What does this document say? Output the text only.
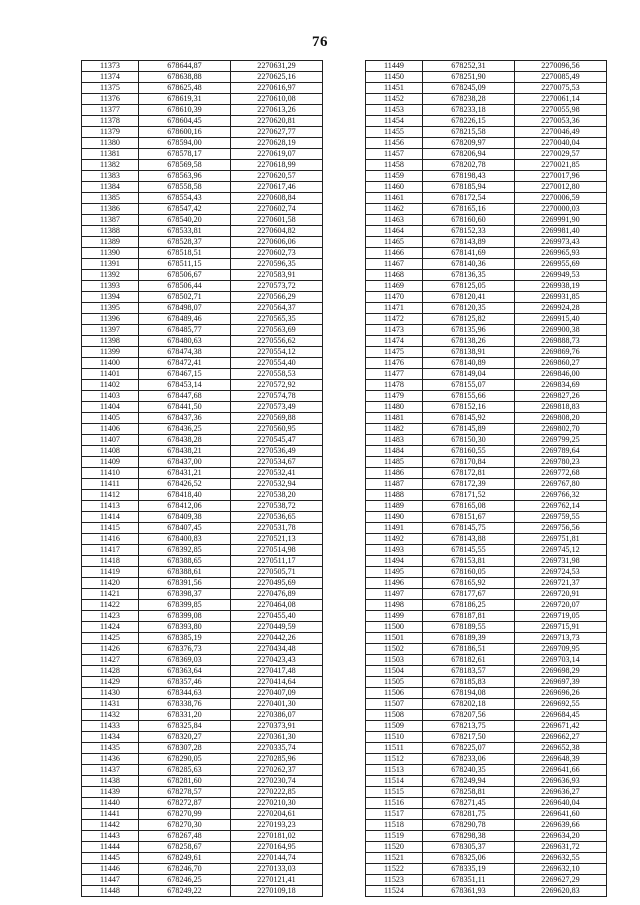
76
11373	678644,87	2270631,29
11374	678638,88	2270625,16
11375	678625,48	2270616,97
11376	678619,31	2270610,08
11377	678610,39	2270613,26
11378	678604,45	2270620,81
11379	678600,16	2270627,77
11380	678594,00	2270628,19
11381	678578,17	2270619,07
11382	678569,58	2270618,99
11383	678563,96	2270620,57
11384	678558,58	2270617,46
11385	678554,43	2270608,84
11386	678547,42	2270602,74
11387	678540,20	2270601,58
11388	678533,81	2270604,82
11389	678528,37	2270606,06
11390	678518,51	2270602,73
11391	678511,15	2270596,35
11392	678506,67	2270583,91
11393	678506,44	2270573,72
11394	678502,71	2270566,29
11395	678498,07	2270564,37
11396	678489,46	2270565,35
11397	678485,77	2270563,69
11398	678480,63	2270556,62
11399	678474,38	2270554,12
11400	678472,41	2270554,40
11401	678467,15	2270558,53
11402	678453,14	2270572,92
11403	678447,68	2270574,78
11404	678441,50	2270573,49
11405	678437,36	2270569,88
11406	678436,25	2270560,95
11407	678438,28	2270545,47
11408	678438,21	2270536,49
11409	678437,00	2270534,67
11410	678431,21	2270532,41
11411	678426,52	2270532,94
11412	678418,40	2270538,20
11413	678412,06	2270538,72
11414	678409,38	2270536,65
11415	678407,45	2270531,78
11416	678400,83	2270521,13
11417	678392,85	2270514,98
11418	678388,65	2270511,17
11419	678388,61	2270505,71
11420	678391,56	2270495,69
11421	678398,37	2270476,89
11422	678399,85	2270464,08
11423	678399,08	2270455,40
11424	678393,80	2270449,59
11425	678385,19	2270442,26
11426	678376,73	2270434,48
11427	678369,03	2270423,43
11428	678363,64	2270417,48
11429	678357,46	2270414,64
11430	678344,63	2270407,09
11431	678338,76	2270401,30
11432	678331,20	2270386,07
11433	678325,84	2270373,91
11434	678320,27	2270361,30
11435	678307,28	2270335,74
11436	678290,05	2270285,96
11437	678285,63	2270262,37
11438	678281,60	2270230,74
11439	678278,57	2270222,85
11440	678272,87	2270210,30
11441	678270,99	2270204,61
11442	678270,30	2270193,23
11443	678267,48	2270181,02
11444	678258,67	2270164,95
11445	678249,61	2270144,74
11446	678246,70	2270133,03
11447	678246,25	2270121,41
11448	678249,22	2270109,18
11449	678252,31	2270096,56
11450	678251,90	2270085,49
11451	678245,09	2270075,53
11452	678238,28	2270061,14
11453	678233,18	2270055,98
11454	678226,15	2270053,36
11455	678215,58	2270046,49
11456	678209,97	2270040,04
11457	678206,94	2270029,57
11458	678202,78	2270021,85
11459	678198,43	2270017,96
11460	678185,94	2270012,80
11461	678172,54	2270006,59
11462	678165,16	2270000,03
11463	678160,60	2269991,90
11464	678152,33	2269981,40
11465	678143,89	2269973,43
11466	678141,69	2269965,93
11467	678140,36	2269955,69
11468	678136,35	2269949,53
11469	678125,05	2269938,19
11470	678120,41	2269931,85
11471	678120,35	2269924,28
11472	678125,82	2269915,40
11473	678135,96	2269900,38
11474	678138,26	2269888,73
11475	678138,91	2269869,76
11476	678140,89	2269860,27
11477	678149,04	2269846,00
11478	678155,07	2269834,69
11479	678155,66	2269827,26
11480	678152,16	2269818,83
11481	678145,92	2269808,20
11482	678145,89	2269802,70
11483	678150,30	2269799,25
11484	678160,55	2269789,64
11485	678170,84	2269780,23
11486	678172,81	2269772,68
11487	678172,39	2269767,80
11488	678171,52	2269766,32
11489	678165,08	2269762,14
11490	678151,67	2269759,55
11491	678145,75	2269756,56
11492	678143,88	2269751,81
11493	678145,55	2269745,12
11494	678153,81	2269731,98
11495	678160,05	2269724,53
11496	678165,92	2269721,37
11497	678177,67	2269720,91
11498	678186,25	2269720,07
11499	678187,81	2269719,05
11500	678189,55	2269715,91
11501	678189,39	2269713,73
11502	678186,51	2269709,95
11503	678182,61	2269703,14
11504	678183,57	2269698,29
11505	678185,83	2269697,39
11506	678194,08	2269696,26
11507	678202,18	2269692,55
11508	678207,56	2269684,45
11509	678213,75	2269671,42
11510	678217,50	2269662,27
11511	678225,07	2269652,38
11512	678233,06	2269648,39
11513	678240,35	2269641,66
11514	678249,94	2269636,93
11515	678258,81	2269636,27
11516	678271,45	2269640,04
11517	678281,75	2269641,60
11518	678290,78	2269639,66
11519	678298,38	2269634,20
11520	678305,37	2269631,72
11521	678325,06	2269632,55
11522	678335,19	2269632,10
11523	678351,11	2269627,29
11524	678361,93	2269620,83
